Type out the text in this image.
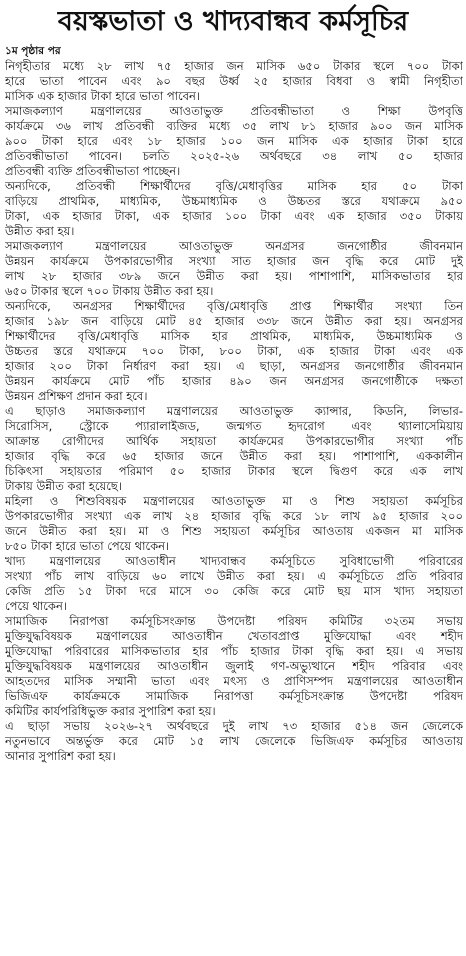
বয়স্কভাতা ও খাদ্যবান্ধব কর্মসূচির
১ম পৃষ্ঠার পর
নিগৃহীতার মধ্যে ২৮ লাখ ৭৫ হাজার জন মাসিক ৬৫০ টাকার স্থলে ৭০০ টাকা
হারে ভাতা পাবেন এবং ৯০ বছর উর্ধ্ব ২৫ হাজার বিধবা ও স্বামী নিগৃহীতা
মাসিক এক হাজার টাকা হারে ভাতা পাবেন।
সমাজকল্যাণ মন্ত্রণালয়ের আওতাভুক্ত প্রতিবন্ধীভাতা ও শিক্ষা উপবৃত্তি
কার্যক্রমে ৩৬ লাখ প্রতিবন্ধী ব্যক্তির মধ্যে ৩৫ লাখ ৮১ হাজার ৯০০ জন মাসিক
৯০০ টাকা হারে এবং ১৮ হাজার ১০০ জন মাসিক এক হাজার টাকা হারে
প্রতিবন্ধীভাতা পাবেন। চলতি ২০২৫-২৬ অর্থবছরে ৩৪ লাখ ৫০ হাজার
প্রতিবন্ধী ব্যক্তি প্রতিবন্ধীভাতা পাচ্ছেন।
অন্যদিকে, প্রতিবন্ধী শিক্ষার্থীদের বৃত্তি/মেধাবৃত্তির মাসিক হার ৫০ টাকা
বাড়িয়ে প্রাথমিক, মাধ্যমিক, উচ্চমাধ্যমিক ও উচ্চতর স্তরে যথাক্রমে ৯৫০
টাকা, এক হাজার টাকা, এক হাজার ১০০ টাকা এবং এক হাজার ৩৫০ টাকায়
উন্নীত করা হয়।
সমাজকল্যাণ মন্ত্রণালয়ের আওতাভুক্ত অনগ্রসর জনগোষ্ঠীর জীবনমান
উন্নয়ন কার্যক্রমে উপকারভোগীর সংখ্যা সাত হাজার জন বৃদ্ধি করে মোট দুই
লাখ ২৮ হাজার ৩৮৯ জনে উন্নীত করা হয়। পাশাপাশি, মাসিকভাতার হার
৬৫০ টাকার স্থলে ৭০০ টাকায় উন্নীত করা হয়।
অন্যদিকে, অনগ্রসর শিক্ষার্থীদের বৃত্তি/মেধাবৃত্তি প্রাপ্ত শিক্ষার্থীর সংখ্যা তিন
হাজার ১৯৮ জন বাড়িয়ে মোট ৪৫ হাজার ৩৩৮ জনে উন্নীত করা হয়। অনগ্রসর
শিক্ষার্থীদের বৃত্তি/মেধাবৃত্তি মাসিক হার প্রাথমিক, মাধ্যমিক, উচ্চমাধ্যমিক ও
উচ্চতর স্তরে যথাক্রমে ৭০০ টাকা, ৮০০ টাকা, এক হাজার টাকা এবং এক
হাজার ২০০ টাকা নির্ধারণ করা হয়। এ ছাড়া, অনগ্রসর জনগোষ্ঠীর জীবনমান
উন্নয়ন কার্যক্রমে মোট পাঁচ হাজার ৪৯০ জন অনগ্রসর জনগোষ্ঠীকে দক্ষতা
উন্নয়ন প্রশিক্ষণ প্রদান করা হবে।
এ ছাড়াও সমাজকল্যাণ মন্ত্রণালয়ের আওতাভুক্ত ক্যান্সার, কিডনি, লিভার-
সিরোসিস, স্ট্রোকে প্যারালাইজড, জন্মগত হৃদরোগ এবং থ্যালাসেমিয়ায়
আক্রান্ত রোগীদের আর্থিক সহায়তা কার্যক্রমের উপকারভোগীর সংখ্যা পাঁচ
হাজার বৃদ্ধি করে ৬৫ হাজার জনে উন্নীত করা হয়। পাশাপাশি, এককালীন
চিকিৎসা সহায়তার পরিমাণ ৫০ হাজার টাকার স্থলে দ্বিগুণ করে এক লাখ
টাকায় উন্নীত করা হয়েছে।
মহিলা ও শিশুবিষয়ক মন্ত্রণালয়ের আওতাভুক্ত মা ও শিশু সহায়তা কর্মসূচির
উপকারভোগীর সংখ্যা এক লাখ ২৪ হাজার বৃদ্ধি করে ১৮ লাখ ৯৫ হাজার ২০০
জনে উন্নীত করা হয়। মা ও শিশু সহায়তা কর্মসূচির আওতায় একজন মা মাসিক
৮৫০ টাকা হারে ভাতা পেয়ে থাকেন।
খাদ্য মন্ত্রণালয়ের আওতাধীন খাদ্যবান্ধব কর্মসূচিতে সুবিধাভোগী পরিবারের
সংখ্যা পাঁচ লাখ বাড়িয়ে ৬০ লাখে উন্নীত করা হয়। এ কর্মসূচিতে প্রতি পরিবার
কেজি প্রতি ১৫ টাকা দরে মাসে ৩০ কেজি করে মোট ছয় মাস খাদ্য সহায়তা
পেয়ে থাকেন।
সামাজিক নিরাপত্তা কর্মসূচিসংক্রান্ত উপদেষ্টা পরিষদ কমিটির ৩২তম সভায়
মুক্তিযুদ্ধবিষয়ক মন্ত্রণালয়ের আওতাধীন খেতাবপ্রাপ্ত মুক্তিযোদ্ধা এবং শহীদ
মুক্তিযোদ্ধা পরিবারের মাসিকভাতার হার পাঁচ হাজার টাকা বৃদ্ধি করা হয়। এ সভায়
মুক্তিযুদ্ধবিষয়ক মন্ত্রণালয়ের আওতাধীন জুলাই গণ-অভ্যুত্থানে শহীদ পরিবার এবং
আহতদের মাসিক সম্মানী ভাতা এবং মৎস্য ও প্রাণিসম্পদ মন্ত্রণালয়ের আওতাধীন
ভিজিএফ কার্যক্রমকে সামাজিক নিরাপত্তা কর্মসূচিসংক্রান্ত উপদেষ্টা পরিষদ
কমিটির কার্যপরিধিভুক্ত করার সুপারিশ করা হয়।
এ ছাড়া সভায় ২০২৬-২৭ অর্থবছরে দুই লাখ ৭৩ হাজার ৫১৪ জন জেলেকে
নতুনভাবে অন্তর্ভুক্ত করে মোট ১৫ লাখ জেলেকে ভিজিএফ কর্মসূচির আওতায়
আনার সুপারিশ করা হয়।
